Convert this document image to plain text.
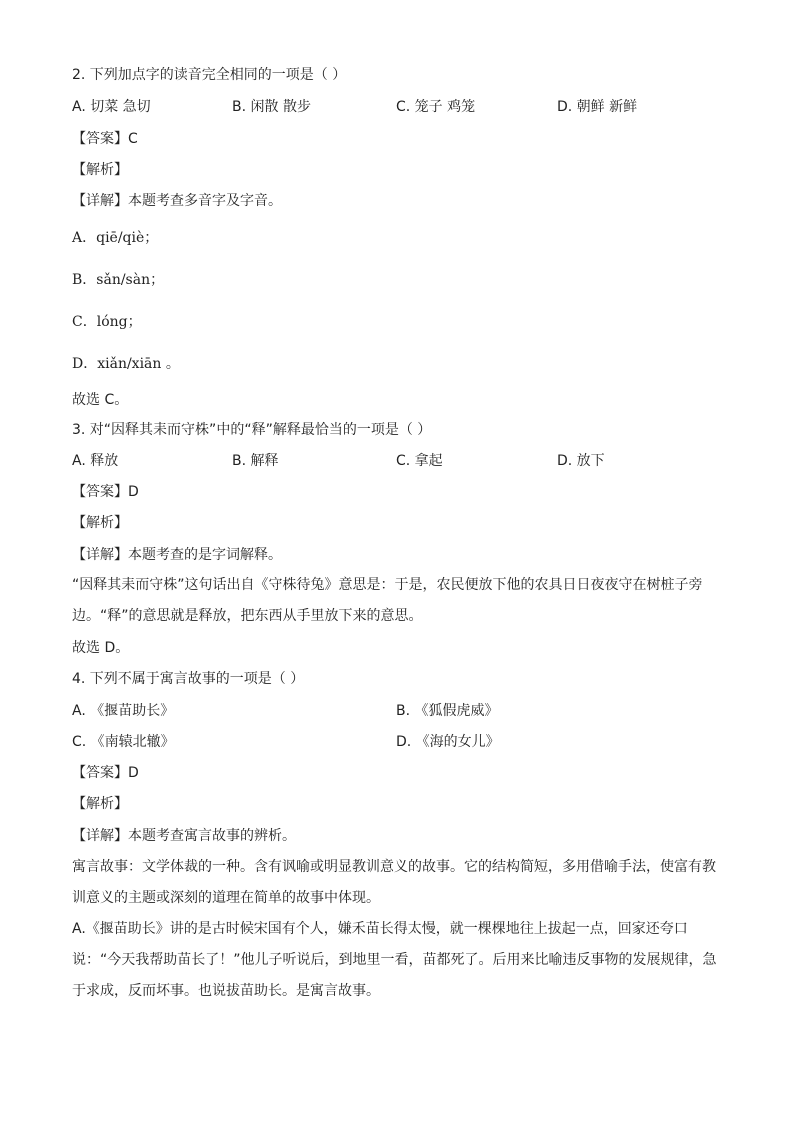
2. 下列加点字的读音完全相同的一项是（ ）
A. 切菜 急切	B. 闲散 散步	C. 笼子 鸡笼	D. 朝鲜 新鲜
【答案】C
【解析】
【详解】本题考查多音字及字音。
A．qiē/qiè；
B．sǎn/sàn；
C．lóng；
D．xiǎn/xiān 。
故选 C。
3. 对“因释其耒而守株”中的“释”解释最恰当的一项是（ ）
A. 释放	B. 解释	C. 拿起	D. 放下
【答案】D
【解析】
【详解】本题考查的是字词解释。
“因释其耒而守株”这句话出自《守株待兔》意思是：于是，农民便放下他的农具日日夜夜守在树桩子旁边。“释”的意思就是释放，把东西从手里放下来的意思。
故选 D。
4. 下列不属于寓言故事的一项是（ ）
A. 《揠苗助长》	B. 《狐假虎威》
C. 《南辕北辙》	D. 《海的女儿》
【答案】D
【解析】
【详解】本题考查寓言故事的辨析。
寓言故事：文学体裁的一种。含有讽喻或明显教训意义的故事。它的结构简短，多用借喻手法，使富有教训意义的主题或深刻的道理在简单的故事中体现。
A.《揠苗助长》讲的是古时候宋国有个人，嫌禾苗长得太慢，就一棵棵地往上拔起一点，回家还夸口说：“今天我帮助苗长了！”他儿子听说后，到地里一看，苗都死了。后用来比喻违反事物的发展规律，急于求成，反而坏事。也说拔苗助长。是寓言故事。
